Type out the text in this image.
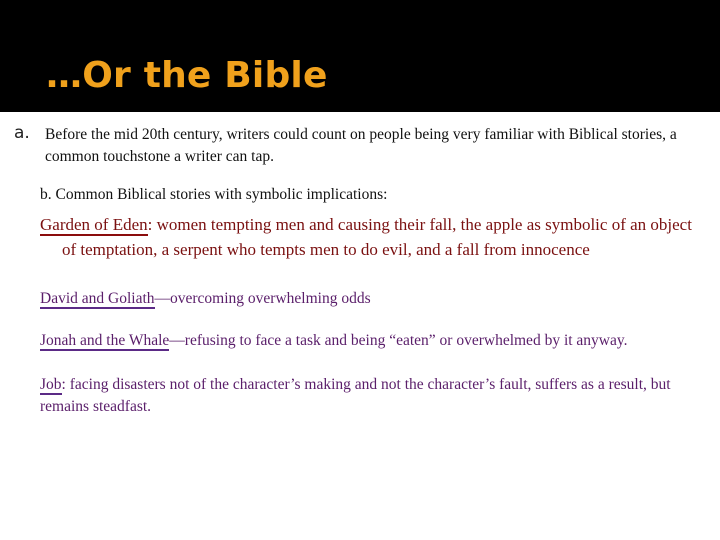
…Or the Bible
a. Before the mid 20th century, writers could count on people being very familiar with Biblical stories, a common touchstone a writer can tap.

b. Common Biblical stories with symbolic implications:

Garden of Eden: women tempting men and causing their fall, the apple as symbolic of an object of temptation, a serpent who tempts men to do evil, and a fall from innocence

David and Goliath—overcoming overwhelming odds

Jonah and the Whale—refusing to face a task and being “eaten” or overwhelmed by it anyway.

Job: facing disasters not of the character’s making and not the character’s fault, suffers as a result, but remains steadfast.
